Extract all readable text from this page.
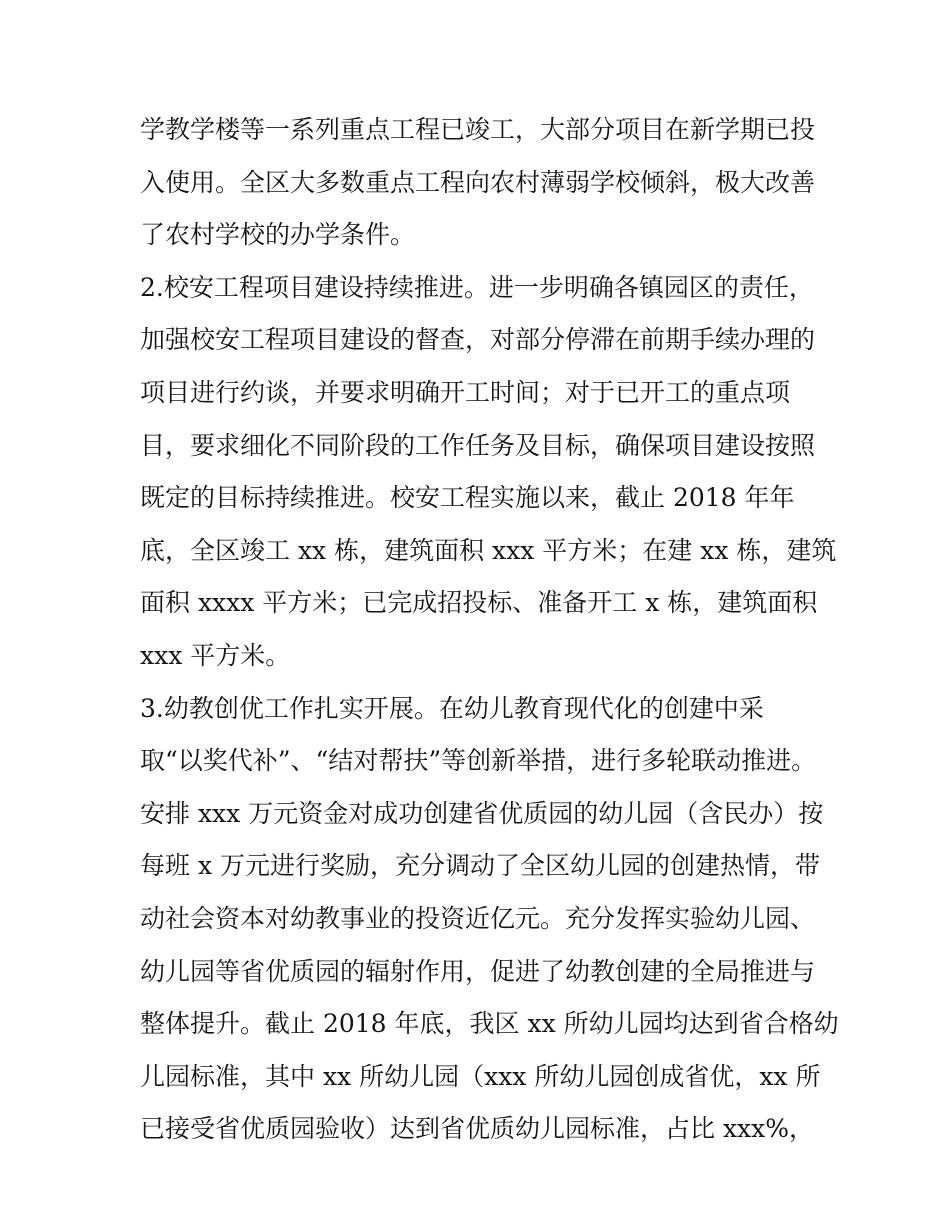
学教学楼等一系列重点工程已竣工，大部分项目在新学期已投
入使用。全区大多数重点工程向农村薄弱学校倾斜，极大改善
了农村学校的办学条件。
2.校安工程项目建设持续推进。进一步明确各镇园区的责任，
加强校安工程项目建设的督查，对部分停滞在前期手续办理的
项目进行约谈，并要求明确开工时间；对于已开工的重点项
目，要求细化不同阶段的工作任务及目标，确保项目建设按照
既定的目标持续推进。校安工程实施以来，截止 2018 年年
底，全区竣工 xx 栋，建筑面积 xxx 平方米；在建 xx 栋，建筑
面积 xxxx 平方米；已完成招投标、准备开工 x 栋，建筑面积
xxx 平方米。
3.幼教创优工作扎实开展。在幼儿教育现代化的创建中采
取“以奖代补”、“结对帮扶”等创新举措，进行多轮联动推进。
安排 xxx 万元资金对成功创建省优质园的幼儿园（含民办）按
每班 x 万元进行奖励，充分调动了全区幼儿园的创建热情，带
动社会资本对幼教事业的投资近亿元。充分发挥实验幼儿园、
幼儿园等省优质园的辐射作用，促进了幼教创建的全局推进与
整体提升。截止 2018 年底，我区 xx 所幼儿园均达到省合格幼
儿园标准，其中 xx 所幼儿园（xxx 所幼儿园创成省优，xx 所
已接受省优质园验收）达到省优质幼儿园标准，占比 xxx%，
